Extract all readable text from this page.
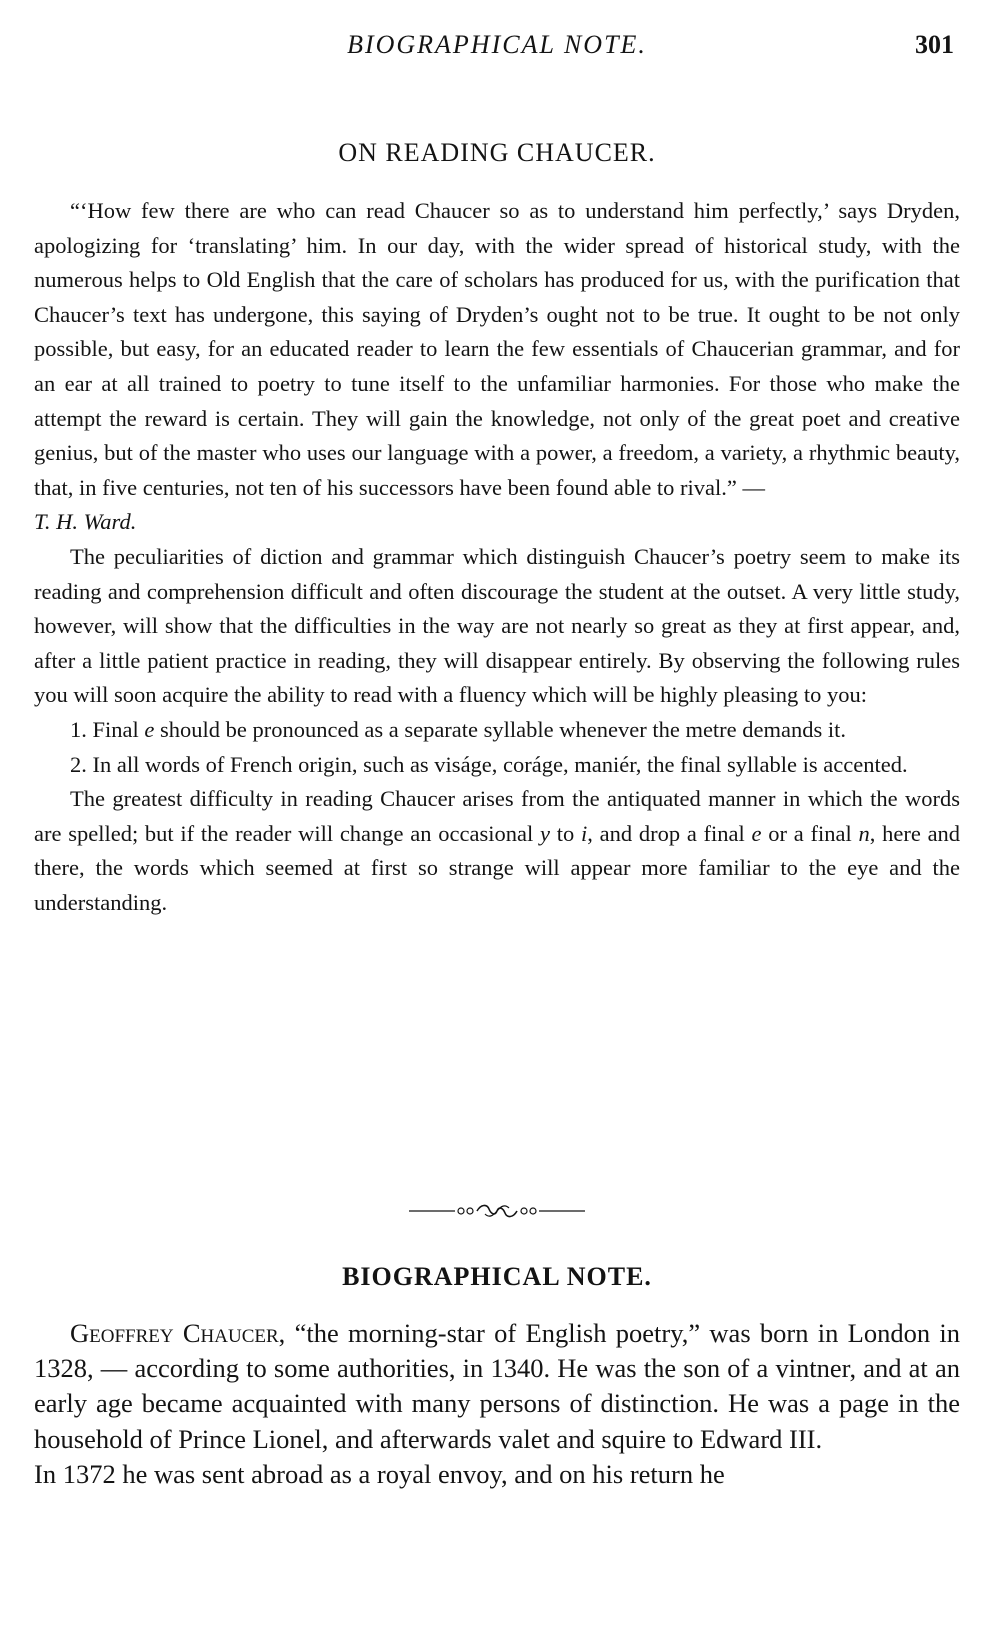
BIOGRAPHICAL NOTE.	301
ON READING CHAUCER.

“‘How few there are who can read Chaucer so as to understand him perfectly,’ says Dryden, apologizing for ‘translating’ him. In our day, with the wider spread of historical study, with the numerous helps to Old English that the care of scholars has produced for us, with the purification that Chaucer’s text has undergone, this saying of Dryden’s ought not to be true. It ought to be not only possible, but easy, for an educated reader to learn the few essentials of Chaucerian grammar, and for an ear at all trained to poetry to tune itself to the unfamiliar harmonies. For those who make the attempt the reward is certain. They will gain the knowledge, not only of the great poet and creative genius, but of the master who uses our language with a power, a freedom, a variety, a rhythmic beauty, that, in five centuries, not ten of his successors have been found able to rival.” —
T. H. Ward.

The peculiarities of diction and grammar which distinguish Chaucer’s poetry seem to make its reading and comprehension difficult and often discourage the student at the outset. A very little study, however, will show that the difficulties in the way are not nearly so great as they at first appear, and, after a little patient practice in reading, they will disappear entirely. By observing the following rules you will soon acquire the ability to read with a fluency which will be highly pleasing to you:

1. Final e should be pronounced as a separate syllable whenever the metre demands it.

2. In all words of French origin, such as viságe, coráge, maniér, the final syllable is accented.

The greatest difficulty in reading Chaucer arises from the antiquated manner in which the words are spelled; but if the reader will change an occasional y to i, and drop a final e or a final n, here and there, the words which seemed at first so strange will appear more familiar to the eye and the understanding.

BIOGRAPHICAL NOTE.

Geoffrey Chaucer, “the morning-star of English poetry,” was born in London in 1328, — according to some authorities, in 1340. He was the son of a vintner, and at an early age became acquainted with many persons of distinction. He was a page in the household of Prince Lionel, and afterwards valet and squire to Edward III.

In 1372 he was sent abroad as a royal envoy, and on his return he
